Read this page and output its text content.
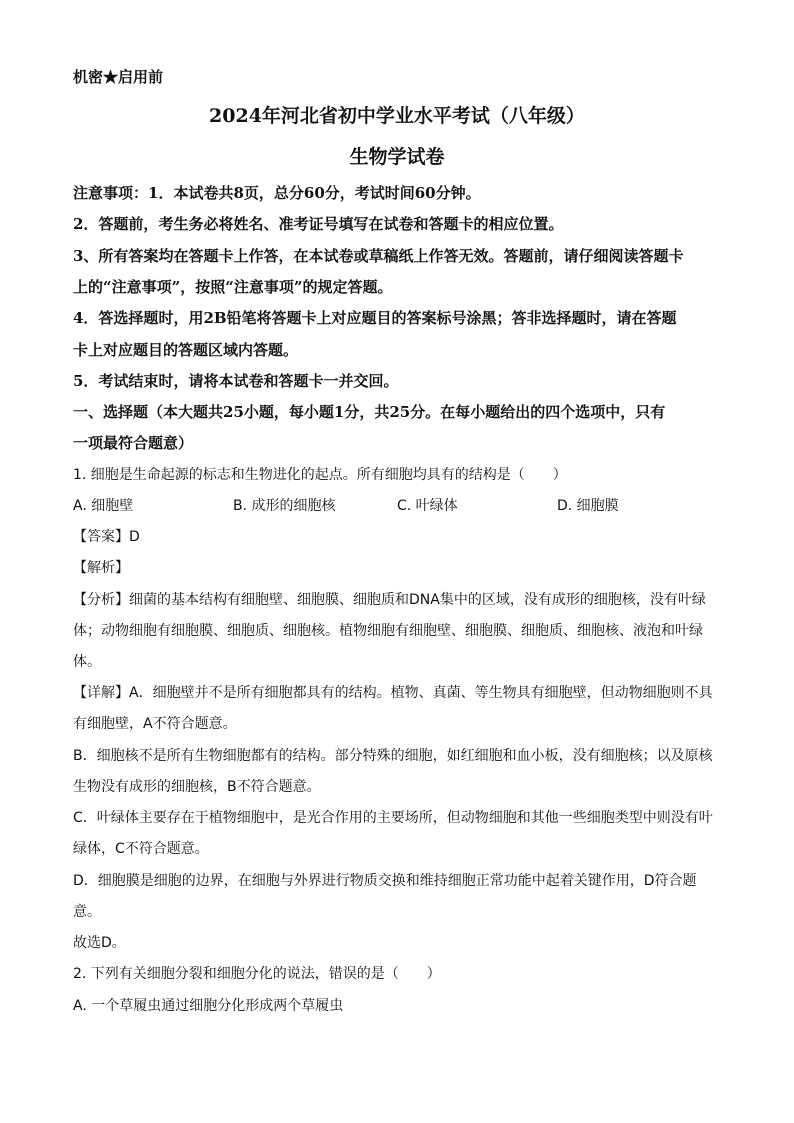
机密★启用前
2024年河北省初中学业水平考试（八年级）
生物学试卷
注意事项：1．本试卷共8页，总分60分，考试时间60分钟。
2．答题前，考生务必将姓名、准考证号填写在试卷和答题卡的相应位置。
3、所有答案均在答题卡上作答，在本试卷或草稿纸上作答无效。答题前，请仔细阅读答题卡
上的“注意事项”，按照“注意事项”的规定答题。
4．答选择题时，用2B铅笔将答题卡上对应题目的答案标号涂黑；答非选择题时，请在答题
卡上对应题目的答题区域内答题。
5．考试结束时，请将本试卷和答题卡一并交回。
一、选择题（本大题共25小题，每小题1分，共25分。在每小题给出的四个选项中，只有
一项最符合题意）
1. 细胞是生命起源的标志和生物进化的起点。所有细胞均具有的结构是（　　）
A. 细胞壁	B. 成形的细胞核	C. 叶绿体	D. 细胞膜
【答案】D
【解析】
【分析】细菌的基本结构有细胞壁、细胞膜、细胞质和DNA集中的区域，没有成形的细胞核，没有叶绿
体；动物细胞有细胞膜、细胞质、细胞核。植物细胞有细胞壁、细胞膜、细胞质、细胞核、液泡和叶绿
体。
【详解】A．细胞壁并不是所有细胞都具有的结构。植物、真菌、等生物具有细胞壁，但动物细胞则不具
有细胞壁，A不符合题意。
B．细胞核不是所有生物细胞都有的结构。部分特殊的细胞，如红细胞和血小板，没有细胞核；以及原核
生物没有成形的细胞核，B不符合题意。
C．叶绿体主要存在于植物细胞中，是光合作用的主要场所，但动物细胞和其他一些细胞类型中则没有叶
绿体，C不符合题意。
D．细胞膜是细胞的边界，在细胞与外界进行物质交换和维持细胞正常功能中起着关键作用，D符合题
意。
故选D。
2. 下列有关细胞分裂和细胞分化的说法，错误的是（　　）
A. 一个草履虫通过细胞分化形成两个草履虫
